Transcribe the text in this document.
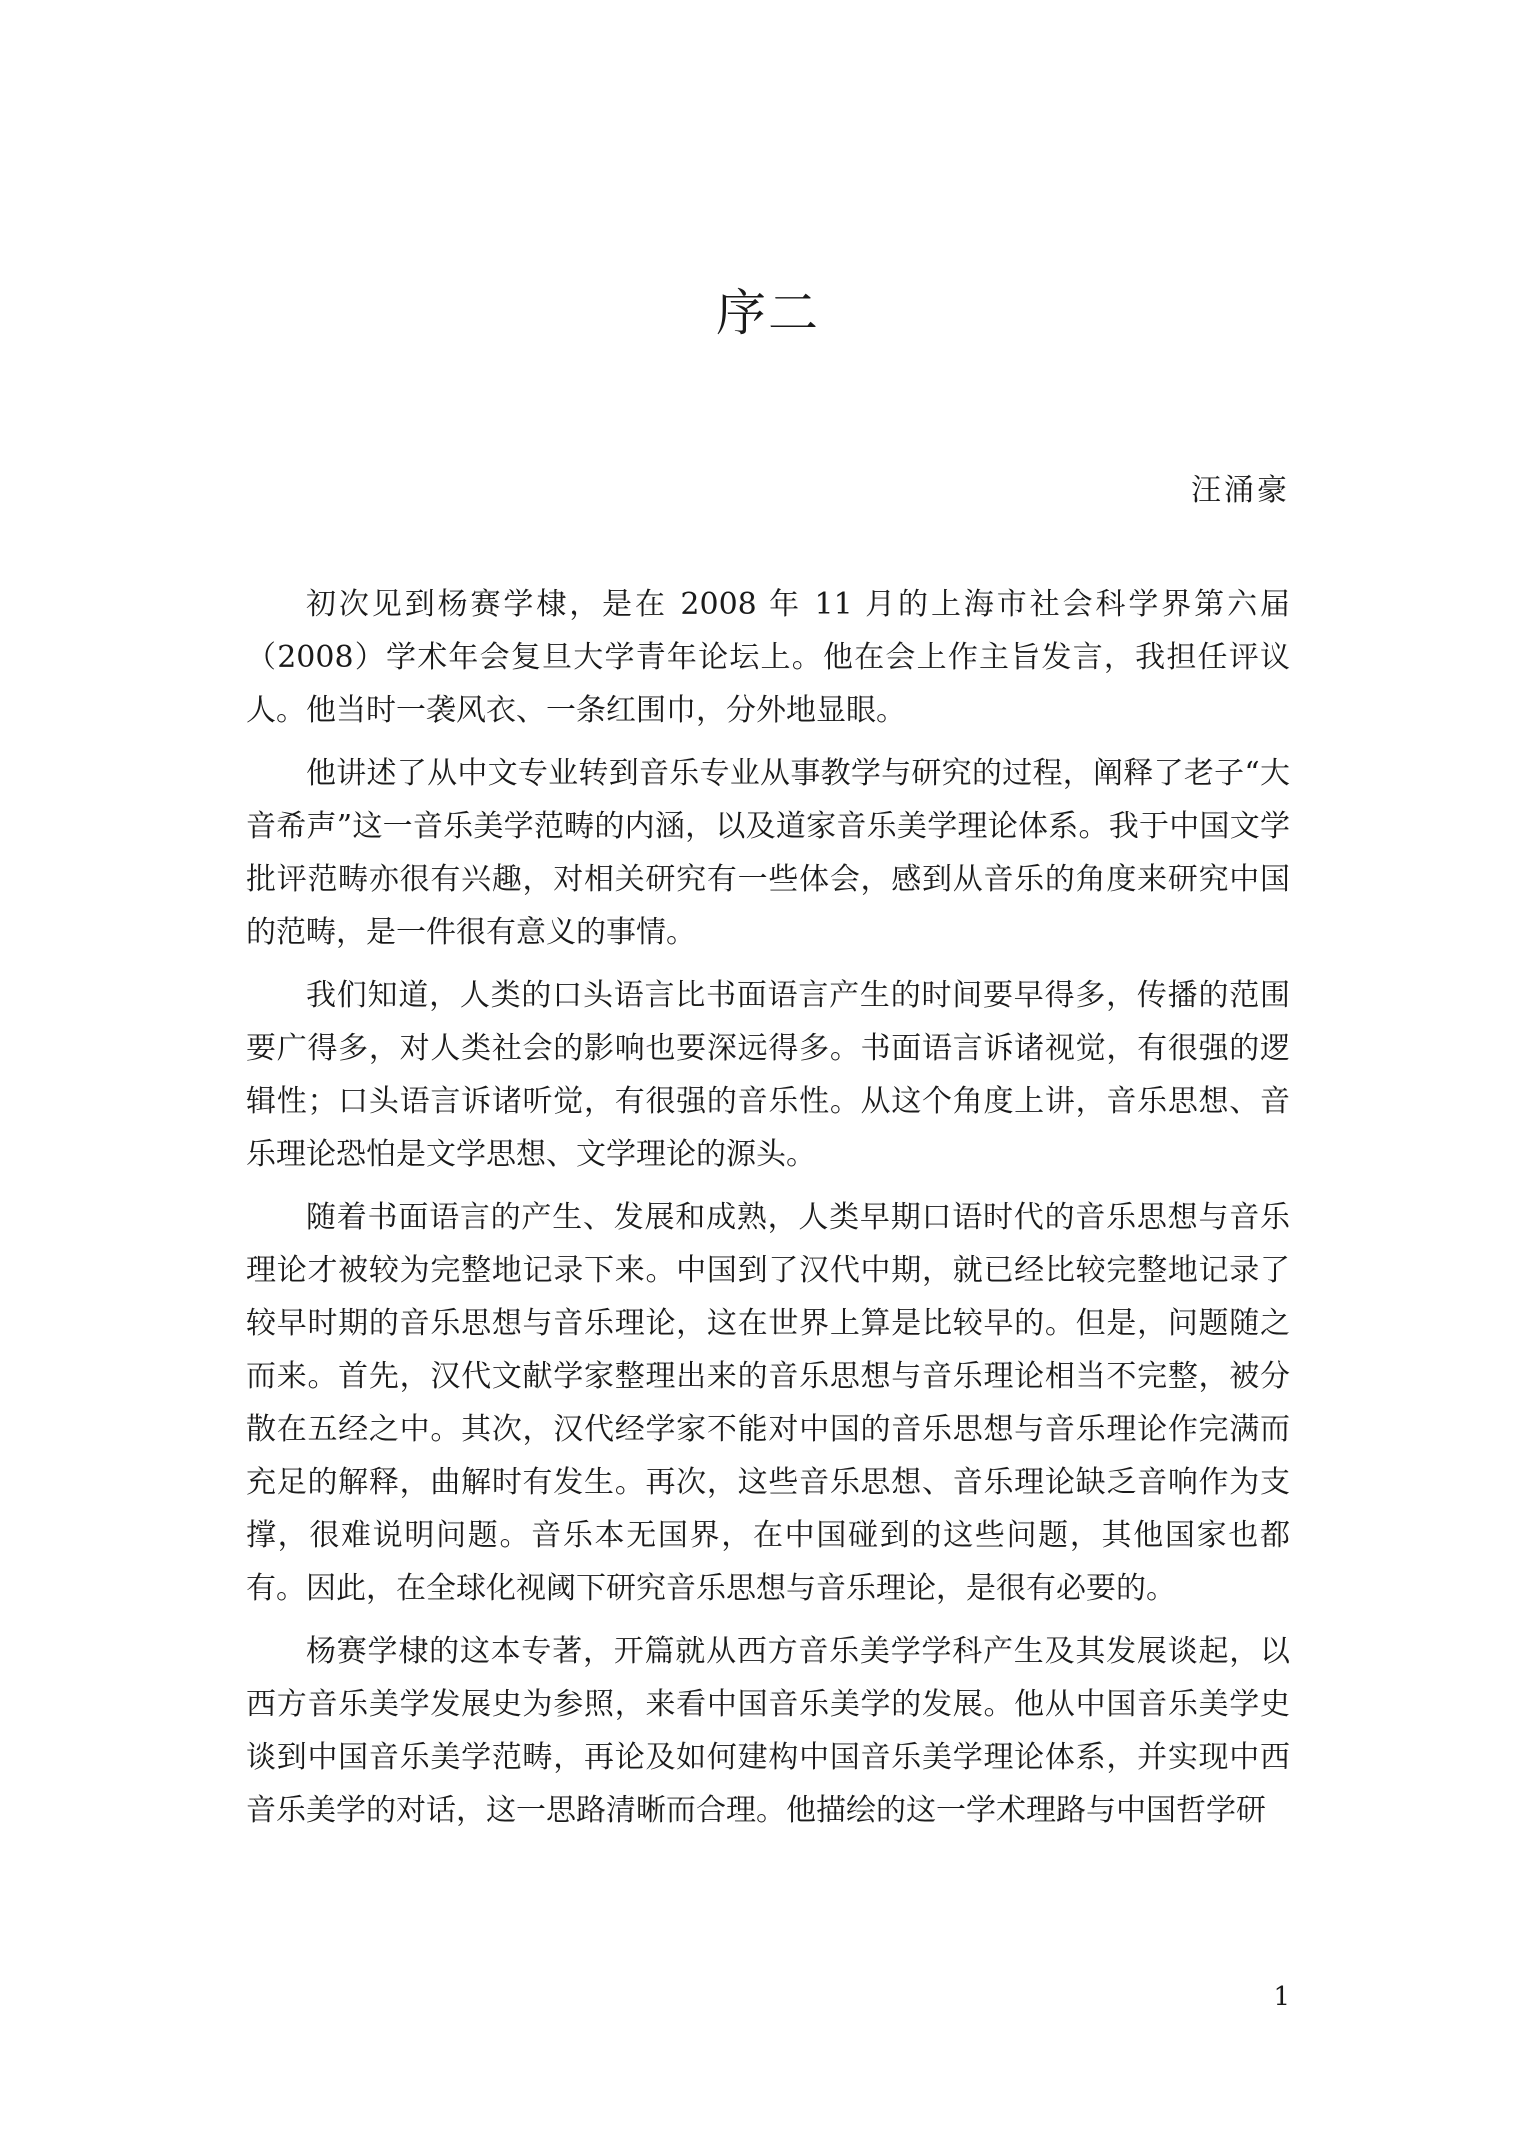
序二
汪涌豪

初次见到杨赛学棣，是在 2008 年 11 月的上海市社会科学界第六届（2008）学术年会复旦大学青年论坛上。他在会上作主旨发言，我担任评议人。他当时一袭风衣、一条红围巾，分外地显眼。

他讲述了从中文专业转到音乐专业从事教学与研究的过程，阐释了老子“大音希声”这一音乐美学范畴的内涵，以及道家音乐美学理论体系。我于中国文学批评范畴亦很有兴趣，对相关研究有一些体会，感到从音乐的角度来研究中国的范畴，是一件很有意义的事情。

我们知道，人类的口头语言比书面语言产生的时间要早得多，传播的范围要广得多，对人类社会的影响也要深远得多。书面语言诉诸视觉，有很强的逻辑性；口头语言诉诸听觉，有很强的音乐性。从这个角度上讲，音乐思想、音乐理论恐怕是文学思想、文学理论的源头。

随着书面语言的产生、发展和成熟，人类早期口语时代的音乐思想与音乐理论才被较为完整地记录下来。中国到了汉代中期，就已经比较完整地记录了较早时期的音乐思想与音乐理论，这在世界上算是比较早的。但是，问题随之而来。首先，汉代文献学家整理出来的音乐思想与音乐理论相当不完整，被分散在五经之中。其次，汉代经学家不能对中国的音乐思想与音乐理论作完满而充足的解释，曲解时有发生。再次，这些音乐思想、音乐理论缺乏音响作为支撑，很难说明问题。音乐本无国界，在中国碰到的这些问题，其他国家也都有。因此，在全球化视阈下研究音乐思想与音乐理论，是很有必要的。

杨赛学棣的这本专著，开篇就从西方音乐美学学科产生及其发展谈起，以西方音乐美学发展史为参照，来看中国音乐美学的发展。他从中国音乐美学史谈到中国音乐美学范畴，再论及如何建构中国音乐美学理论体系，并实现中西音乐美学的对话，这一思路清晰而合理。他描绘的这一学术理路与中国哲学研

1
